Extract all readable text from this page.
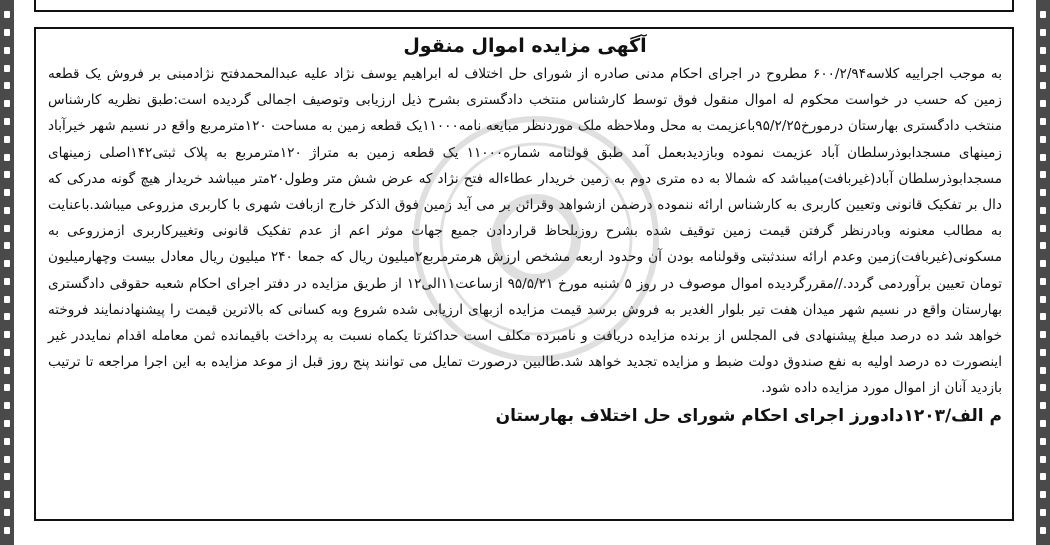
آگهی مزایده اموال منقول

به موجب اجراییه کلاسه۶۰۰/۲/۹۴ مطروح در اجرای احکام مدنی صادره از شورای حل اختلاف له ابراهیم یوسف نژاد علیه عبدالمحمدفتح نژادمبنی بر فروش یک قطعه زمین که حسب در خواست محکوم له اموال منقول فوق توسط کارشناس منتخب دادگستری بشرح ذیل ارزیابی وتوصیف اجمالی گردیده است:طبق نظریه کارشناس منتخب دادگستری بهارستان درمورخ۹۵/۲/۲۵باعزیمت به محل وملاحظه ملک موردنظر مبایعه نامه۱۱۰۰۰یک قطعه زمین به مساحت ۱۲۰مترمربع واقع در نسیم شهر خیرآباد زمینهای مسجدابوذرسلطان آباد عزیمت نموده وبازدیدبعمل آمد طبق قولنامه شماره۱۱۰۰۰ یک قطعه زمین به متراژ ۱۲۰مترمربع به پلاک ثبتی۱۴۲اصلی زمینهای مسجدابوذرسلطان آباد(غیربافت)میباشد که شمالا به ده متری دوم به زمین خریدار عطاءاله فتح نژاد که عرض شش متر وطول۲۰متر میباشد خریدار هیچ گونه مدرکی که دال بر تفکیک قانونی وتعیین کاربری به کارشناس ارائه ننموده درضمن ازشواهد وقرائن بر می آید زمین فوق الذکر خارج ازبافت شهری با کاربری مزروعی میباشد.باعنایت به مطالب معنونه وبادرنظر گرفتن قیمت زمین توقیف شده بشرح روزبلحاظ قراردادن جمیع جهات موثر اعم از عدم تفکیک قانونی وتغییرکاربری ازمزروعی به مسکونی(غیربافت)زمین وعدم ارائه سندثبتی وقولنامه بودن آن وحدود اربعه مشخص ارزش هرمترمربع۲میلیون ریال که جمعا ۲۴۰ میلیون ریال معادل بیست وچهارمیلیون تومان تعیین برآوردمی گردد.//مقررگردیده اموال موصوف در روز ۵ شنبه مورخ ۹۵/۵/۲۱ ازساعت۱۱الی۱۲ از طریق مزایده در دفتر اجرای احکام شعبه حقوقی دادگستری بهارستان واقع در نسیم شهر میدان هفت تیر بلوار الغدیر به فروش برسد قیمت مزایده ازبهای ارزیابی شده شروع وبه کسانی که بالاترین قیمت را پیشنهادنمایند فروخته خواهد شد ده درصد مبلغ پیشنهادی فی المجلس از برنده مزایده دریافت و نامبرده مکلف است حداکثرتا یکماه نسبت به پرداخت باقیمانده ثمن معامله اقدام نمایددر غیر اینصورت ده درصد اولیه به نفع صندوق دولت ضبط و مزایده تجدید خواهد شد.طالبین درصورت تمایل می توانند پنج روز قبل از موعد مزایده به این اجرا مراجعه تا ترتیب بازدید آنان از اموال مورد مزایده داده شود.

م الف/۱۲۰۳دادورز اجرای احکام شورای حل اختلاف بهارستان
